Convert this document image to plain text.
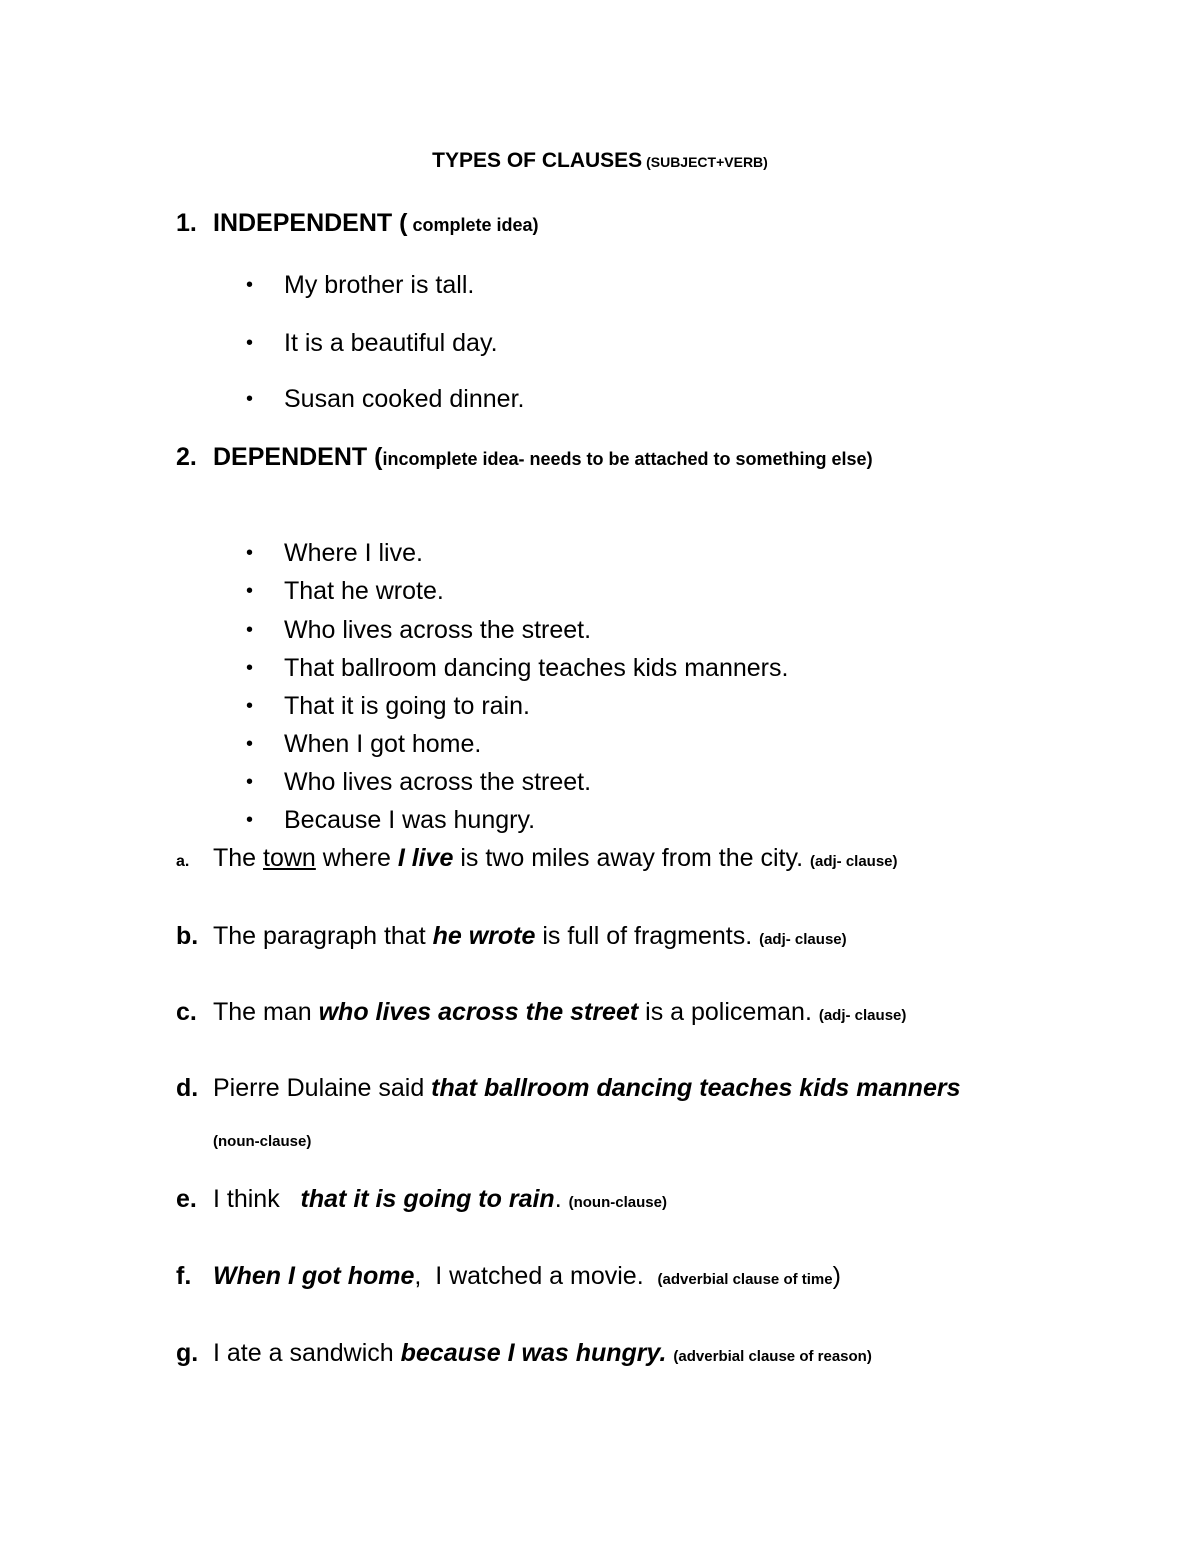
TYPES OF CLAUSES (SUBJECT+VERB)
1. INDEPENDENT ( complete idea)
• My brother is tall.
• It is a beautiful day.
• Susan cooked dinner.
2. DEPENDENT (incomplete idea- needs to be attached to something else)
• Where I live.
• That he wrote.
• Who lives across the street.
• That ballroom dancing teaches kids manners.
• That it is going to rain.
• When I got home.
• Who lives across the street.
• Because I was hungry.
a. The town where I live is two miles away from the city. (adj- clause)
b. The paragraph that he wrote is full of fragments. (adj- clause)
c. The man who lives across the street is a policeman. (adj- clause)
d. Pierre Dulaine said that ballroom dancing teaches kids manners
(noun-clause)
e. I think   that it is going to rain. (noun-clause)
f. When I got home,  I watched a movie.  (adverbial clause of time)
g. I ate a sandwich because I was hungry. (adverbial clause of reason)
